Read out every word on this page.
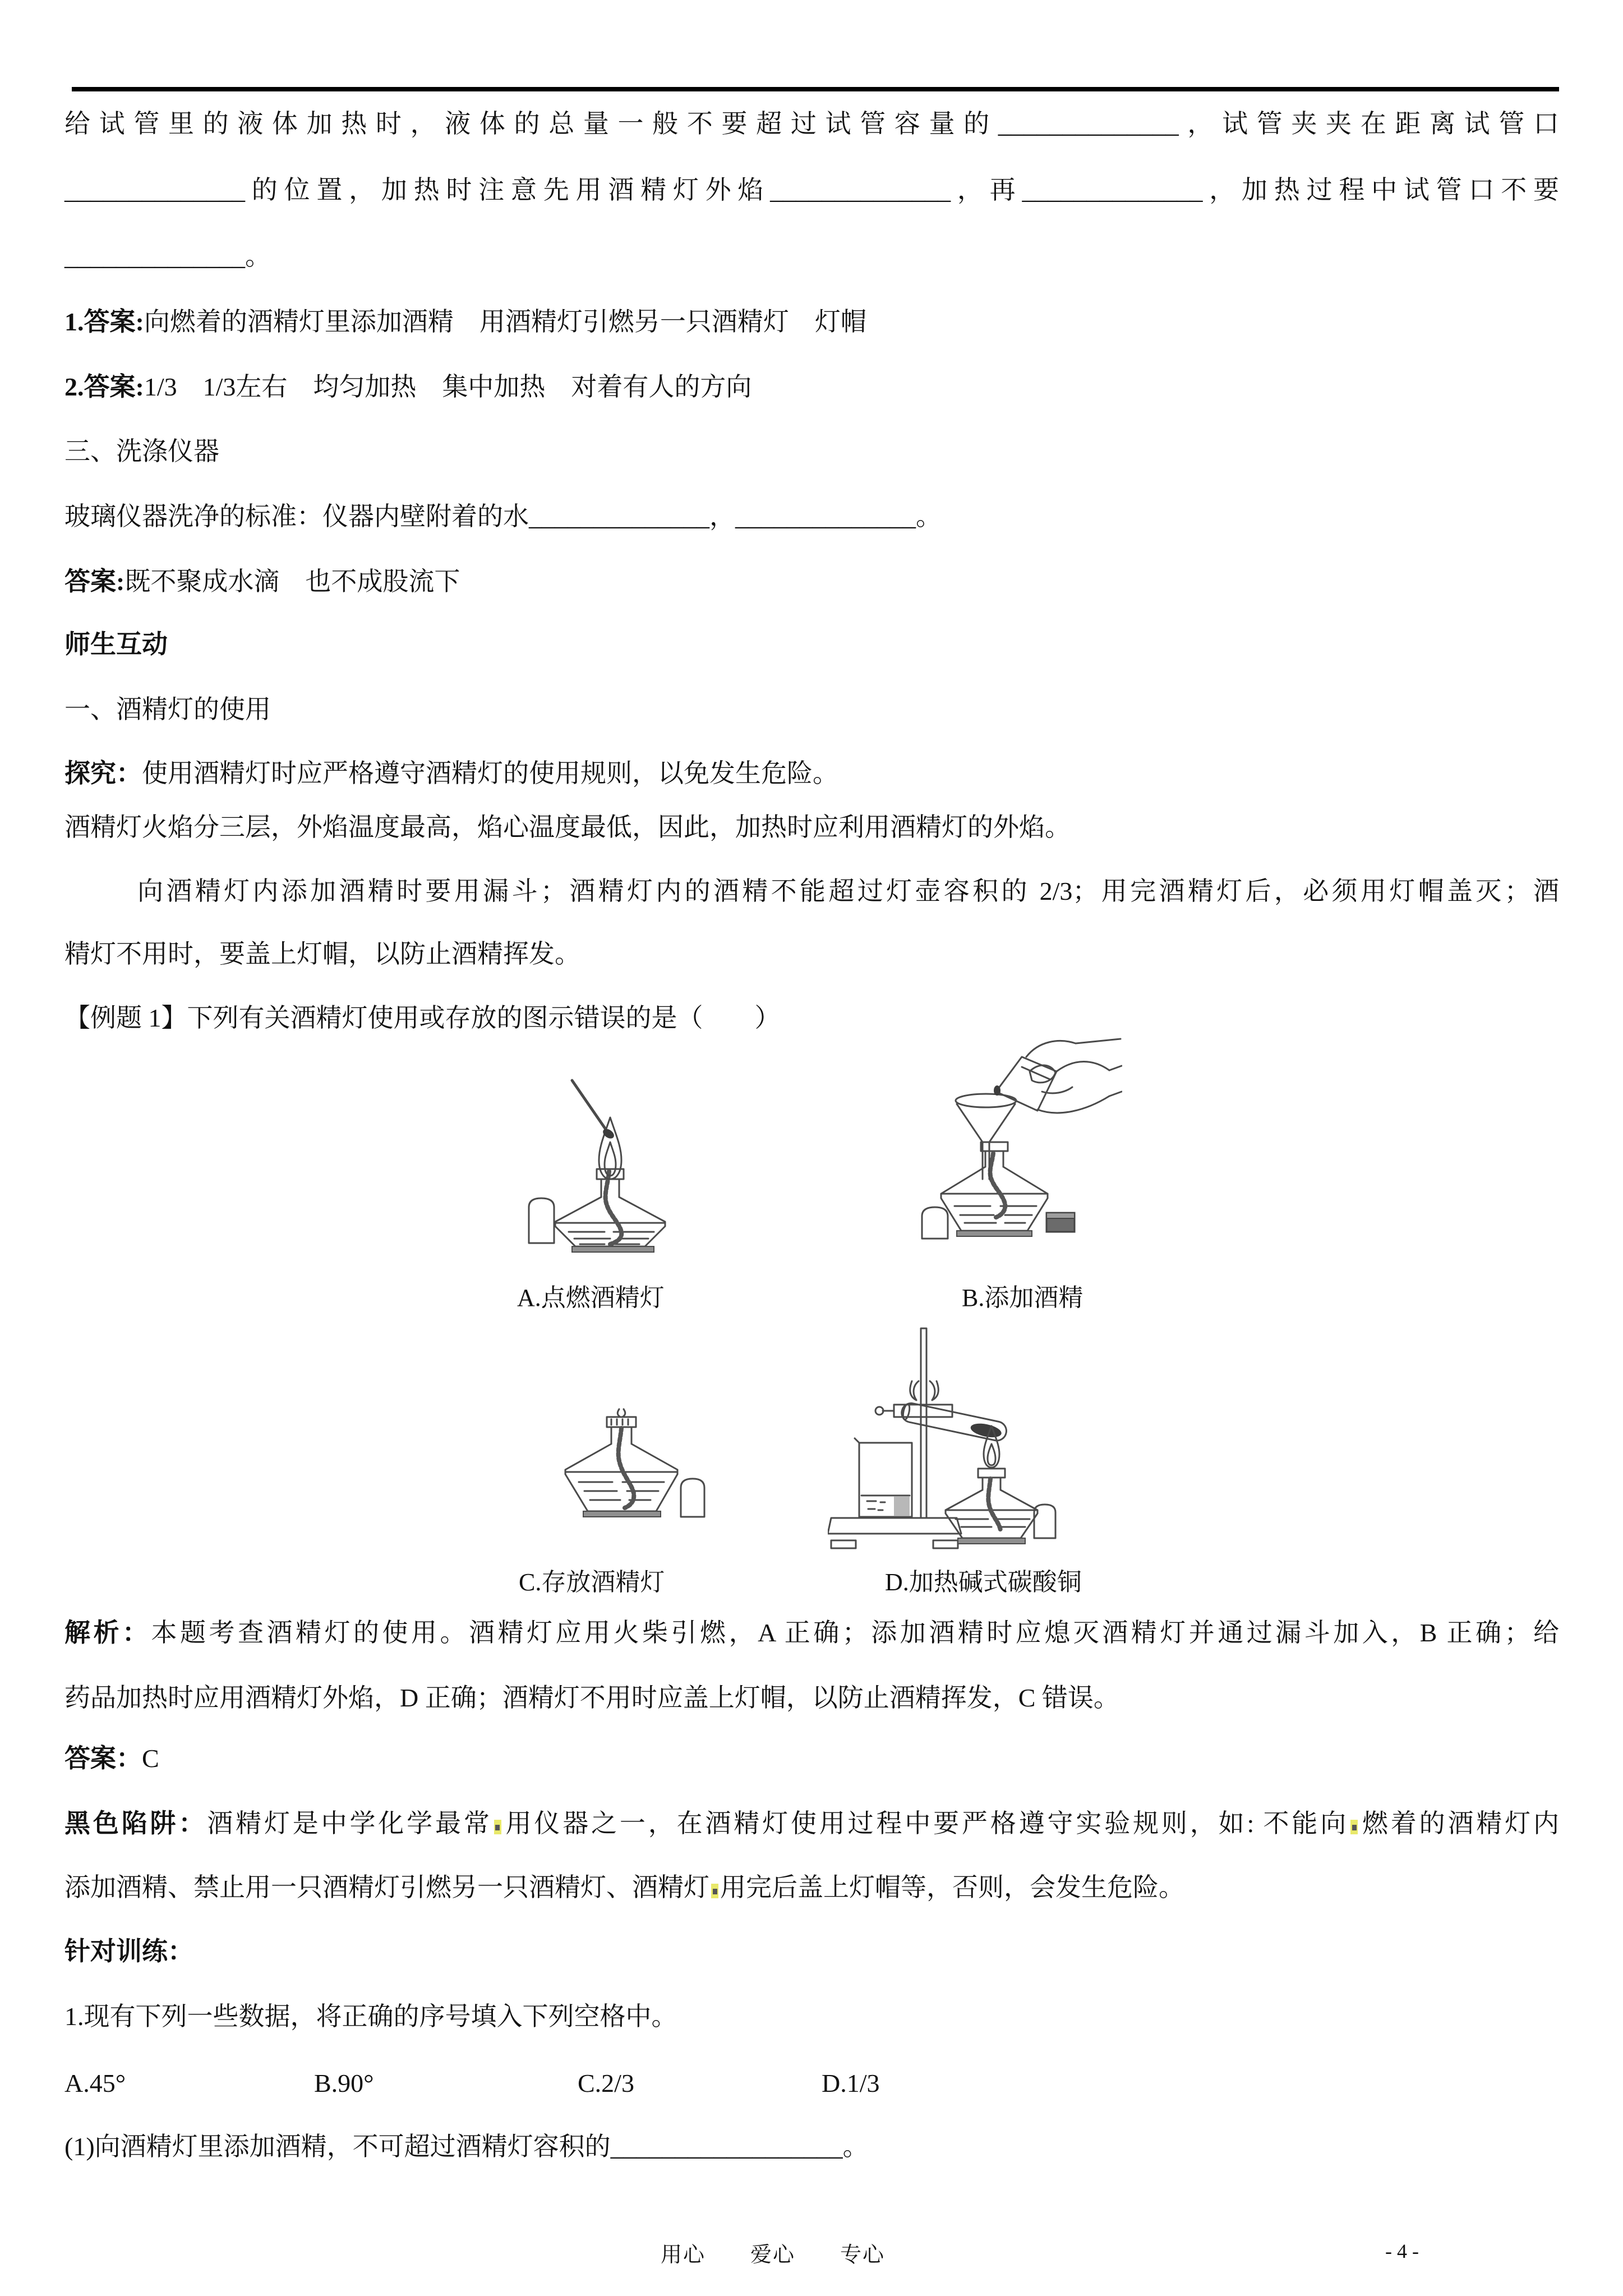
给试管里的液体加热时，液体的总量一般不要超过试管容量的______________，试管夹夹在距离试管口
______________的位置，加热时注意先用酒精灯外焰______________，再______________，加热过程中试管口不要
______________。
1.答案:向燃着的酒精灯里添加酒精　用酒精灯引燃另一只酒精灯　灯帽
2.答案:1/3　1/3左右　均匀加热　集中加热　对着有人的方向
三、洗涤仪器
玻璃仪器洗净的标准：仪器内壁附着的水______________，______________。
答案:既不聚成水滴　也不成股流下
师生互动
一、酒精灯的使用
探究：使用酒精灯时应严格遵守酒精灯的使用规则，以免发生危险。
酒精灯火焰分三层，外焰温度最高，焰心温度最低，因此，加热时应利用酒精灯的外焰。
向酒精灯内添加酒精时要用漏斗；酒精灯内的酒精不能超过灯壶容积的 2/3；用完酒精灯后，必须用灯帽盖灭；酒
精灯不用时，要盖上灯帽，以防止酒精挥发。
【例题 1】下列有关酒精灯使用或存放的图示错误的是（　　）
A.点燃酒精灯	B.添加酒精
C.存放酒精灯	D.加热碱式碳酸铜
解析：本题考查酒精灯的使用。酒精灯应用火柴引燃，A 正确；添加酒精时应熄灭酒精灯并通过漏斗加入，B 正确；给
药品加热时应用酒精灯外焰，D 正确；酒精灯不用时应盖上灯帽，以防止酒精挥发，C 错误。
答案：C
黑色陷阱：酒精灯是中学化学最常 用仪器之一，在酒精灯使用过程中要严格遵守实验规则，如: 不能向 燃着的酒精灯内
添加酒精、禁止用一只酒精灯引燃另一只酒精灯、酒精灯 用完后盖上灯帽等，否则，会发生危险。
针对训练：
1.现有下列一些数据，将正确的序号填入下列空格中。
A.45°	B.90°	C.2/3	D.1/3
(1)向酒精灯里添加酒精，不可超过酒精灯容积的__________________。
用心　　爱心　　专心	- 4 -
